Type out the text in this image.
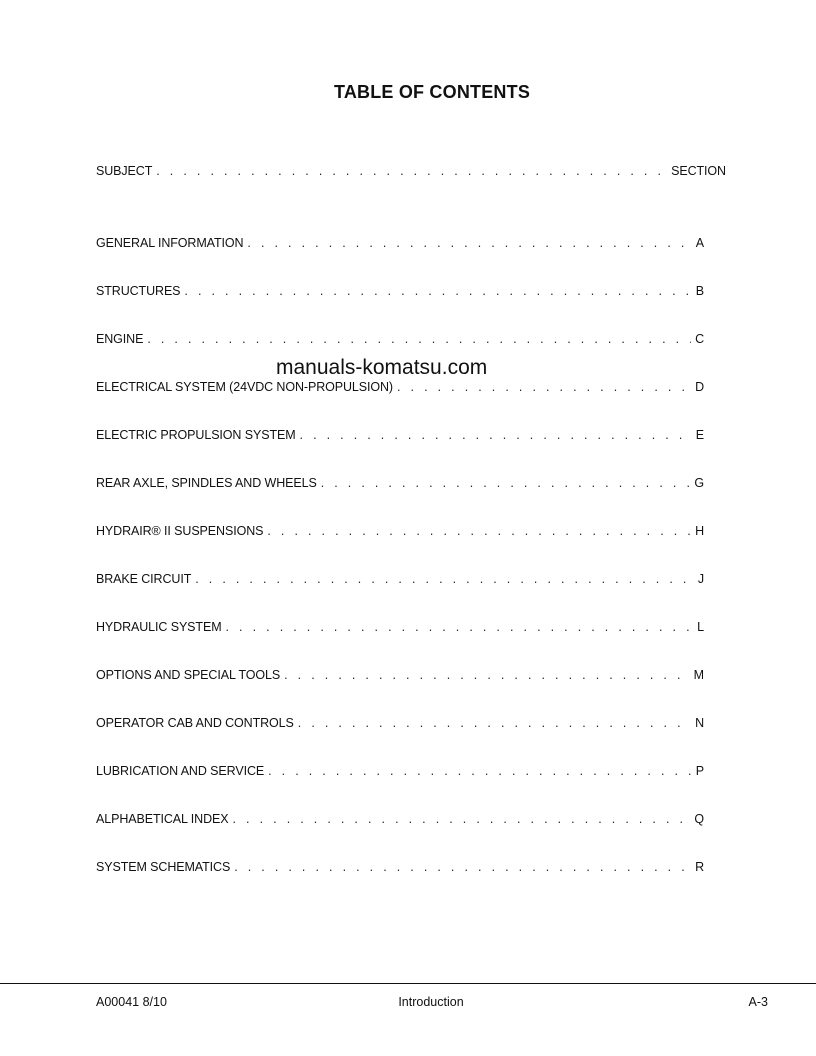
TABLE OF CONTENTS
SUBJECT . . .	SECTION
GENERAL INFORMATION . . .	A
STRUCTURES . . .	B
ENGINE . . .	C
ELECTRICAL SYSTEM (24VDC NON-PROPULSION) . . .	D
ELECTRIC PROPULSION SYSTEM . . .	E
REAR AXLE, SPINDLES AND WHEELS . . .	G
HYDRAIR® II SUSPENSIONS . . .	H
BRAKE CIRCUIT . . .	J
HYDRAULIC SYSTEM . . .	L
OPTIONS AND SPECIAL TOOLS . . .	M
OPERATOR CAB AND CONTROLS . . .	N
LUBRICATION AND SERVICE . . .	P
ALPHABETICAL INDEX . . .	Q
SYSTEM SCHEMATICS . . .	R
manuals-komatsu.com
A00041 8/10	Introduction	A-3
